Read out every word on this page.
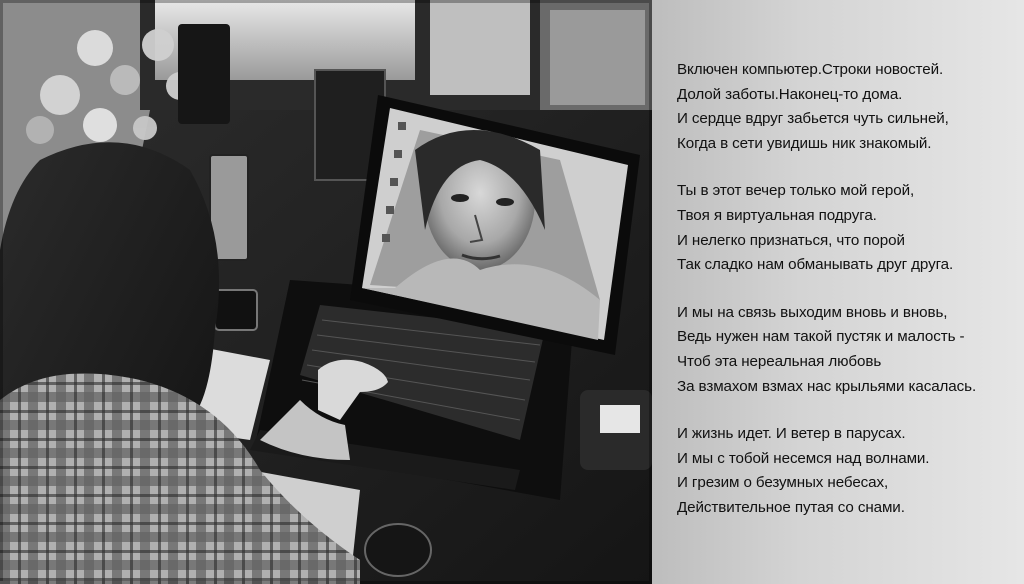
Включен компьютер.Строки новостей.
Долой заботы.Наконец-то дома.
И сердце вдруг забьется чуть сильней,
Когда в сети увидишь ник знакомый.
Ты в этот вечер только мой герой,
Твоя я виртуальная подруга.
И нелегко признаться, что порой
Так сладко нам обманывать друг друга.
И мы на связь выходим вновь и вновь,
Ведь нужен нам такой пустяк и малость -
Чтоб эта нереальная любовь
За взмахом взмах нас крыльями касалась.
И жизнь идет. И ветер в парусах.
И мы с тобой несемся над волнами.
И грезим о безумных небесах,
Действительное путая со снами.
